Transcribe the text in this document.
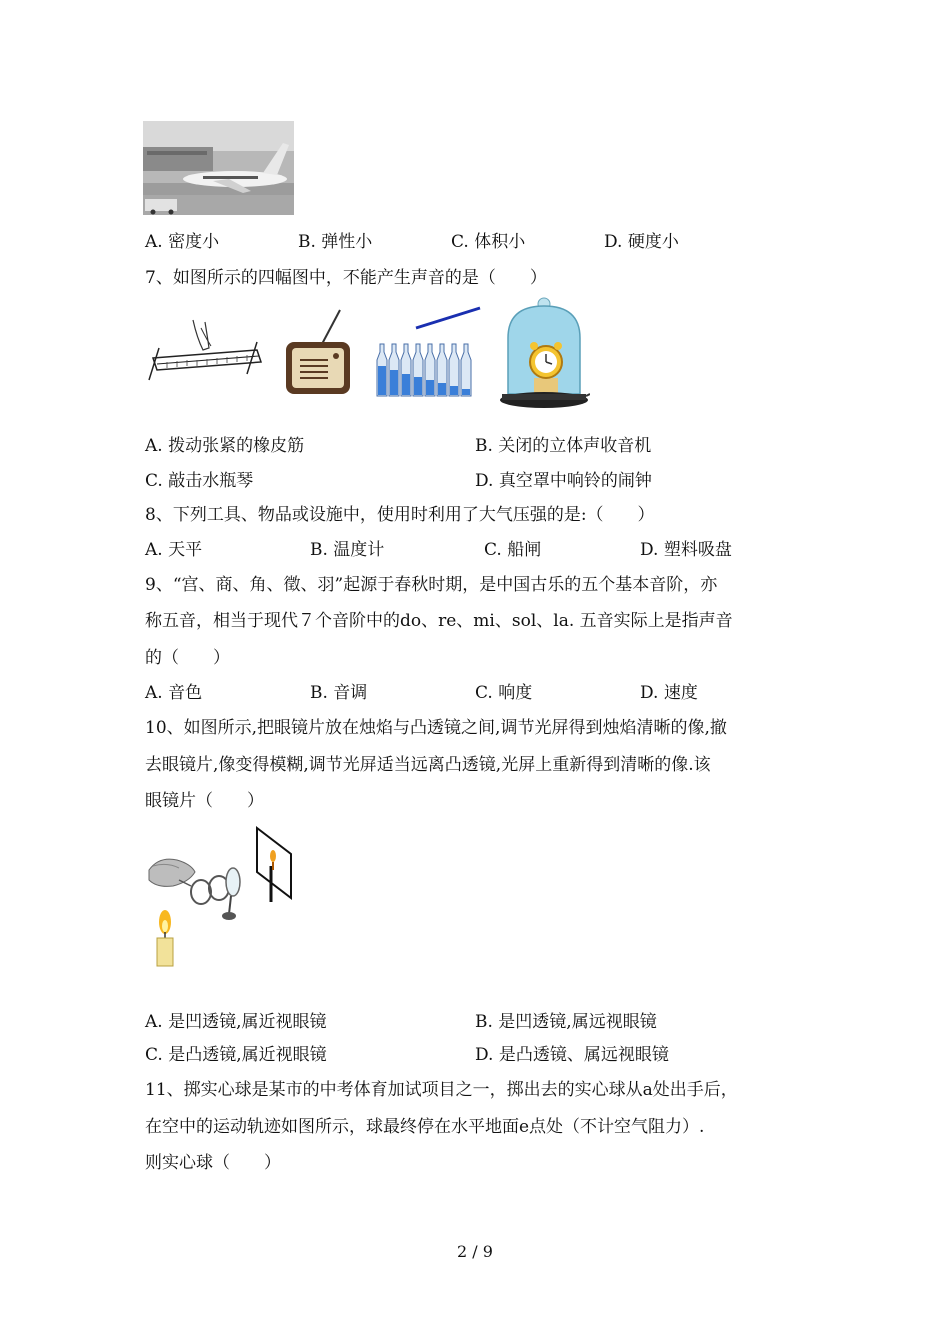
A. 密度小	B. 弹性小	C. 体积小	D. 硬度小
7、如图所示的四幅图中，不能产生声音的是（　　）
A. 拨动张紧的橡皮筋	B. 关闭的立体声收音机
C. 敲击水瓶琴	D. 真空罩中响铃的闹钟
8、下列工具、物品或设施中，使用时利用了大气压强的是:（　　）
A. 天平	B. 温度计	C. 船闸	D. 塑料吸盘
9、“宫、商、角、徵、羽”起源于春秋时期，是中国古乐的五个基本音阶，亦
称五音，相当于现代７个音阶中的do、re、mi、sol、la. 五音实际上是指声音
的（　　）
A. 音色	B. 音调	C. 响度	D. 速度
10、如图所示,把眼镜片放在烛焰与凸透镜之间,调节光屏得到烛焰清晰的像,撤
去眼镜片,像变得模糊,调节光屏适当远离凸透镜,光屏上重新得到清晰的像.该
眼镜片（　　）
A. 是凹透镜,属近视眼镜	B. 是凹透镜,属远视眼镜
C. 是凸透镜,属近视眼镜	D. 是凸透镜、属远视眼镜
11、掷实心球是某市的中考体育加试项目之一，掷出去的实心球从a处出手后，
在空中的运动轨迹如图所示，球最终停在水平地面e点处（不计空气阻力）.
则实心球（　　）
2 / 9
